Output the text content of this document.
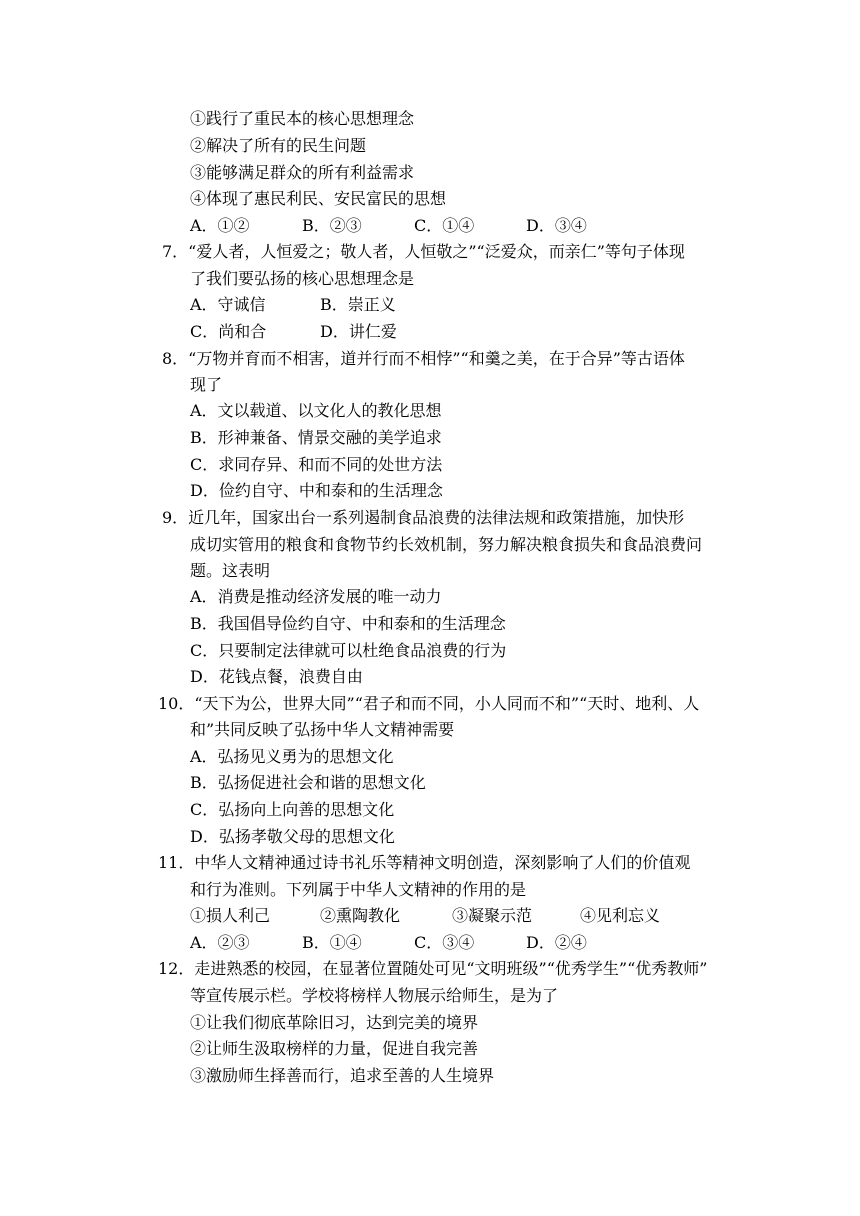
①践行了重民本的核心思想理念
②解决了所有的民生问题
③能够满足群众的所有利益需求
④体现了惠民利民、安民富民的思想
A．①②	B．②③	C．①④	D．③④
7．“爱人者，人恒爱之；敬人者，人恒敬之”“泛爱众，而亲仁”等句子体现
了我们要弘扬的核心思想理念是
A．守诚信	B．崇正义
C．尚和合	D．讲仁爱
8．“万物并育而不相害，道并行而不相悖”“和羹之美，在于合异”等古语体
现了
A．文以载道、以文化人的教化思想
B．形神兼备、情景交融的美学追求
C．求同存异、和而不同的处世方法
D．俭约自守、中和泰和的生活理念
9．近几年，国家出台一系列遏制食品浪费的法律法规和政策措施，加快形
成切实管用的粮食和食物节约长效机制，努力解决粮食损失和食品浪费问
题。这表明
A．消费是推动经济发展的唯一动力
B．我国倡导俭约自守、中和泰和的生活理念
C．只要制定法律就可以杜绝食品浪费的行为
D．花钱点餐，浪费自由
10．“天下为公，世界大同”“君子和而不同，小人同而不和”“天时、地利、人
和”共同反映了弘扬中华人文精神需要
A．弘扬见义勇为的思想文化
B．弘扬促进社会和谐的思想文化
C．弘扬向上向善的思想文化
D．弘扬孝敬父母的思想文化
11．中华人文精神通过诗书礼乐等精神文明创造，深刻影响了人们的价值观
和行为准则。下列属于中华人文精神的作用的是
①损人利己	②熏陶教化	③凝聚示范	④见利忘义
A．②③	B．①④	C．③④	D．②④
12．走进熟悉的校园，在显著位置随处可见“文明班级”“优秀学生”“优秀教师”
等宣传展示栏。学校将榜样人物展示给师生，是为了
①让我们彻底革除旧习，达到完美的境界
②让师生汲取榜样的力量，促进自我完善
③激励师生择善而行，追求至善的人生境界
